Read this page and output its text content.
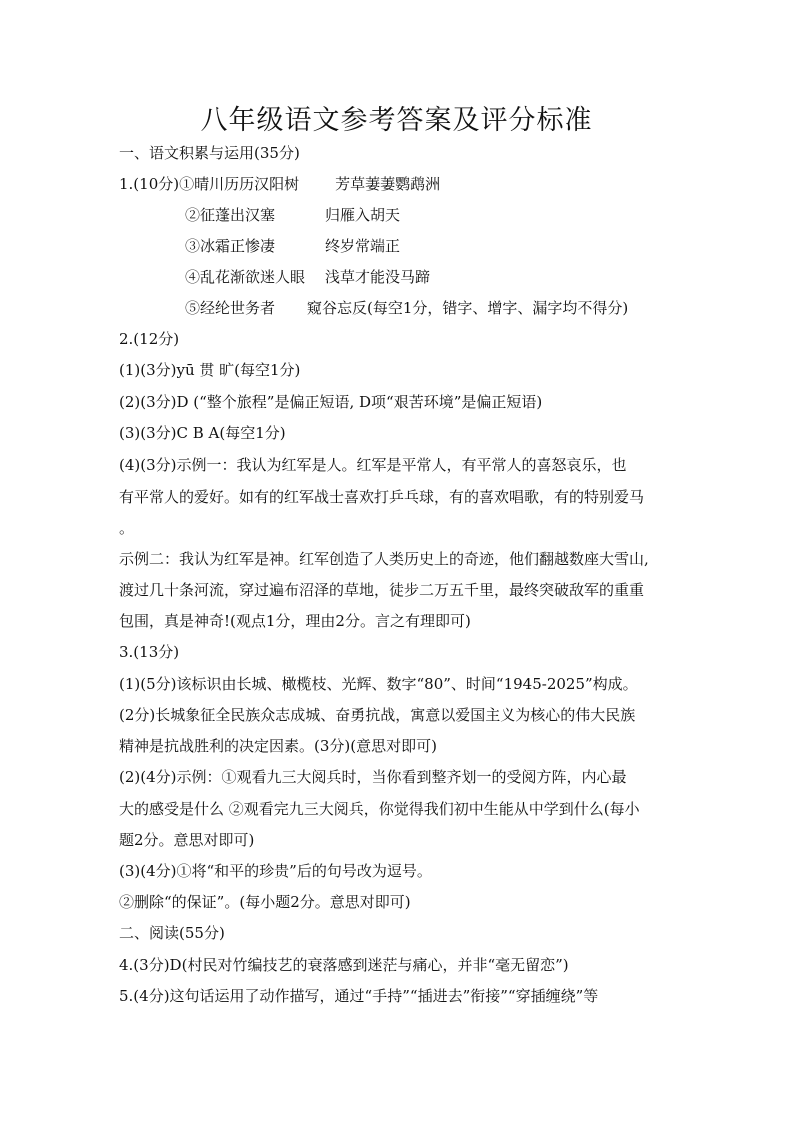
八年级语文参考答案及评分标准
一、语文积累与运用(35分)
1.(10分)①晴川历历汉阳树 芳草萋萋鹦鹉洲
②征蓬出汉塞	归雁入胡天
③冰霜正惨凄	终岁常端正
④乱花渐欲迷人眼 浅草才能没马蹄
⑤经纶世务者 窥谷忘反(每空1分，错字、增字、漏字均不得分)
2.(12分)
(1)(3分)yū 贯 旷(每空1分)
(2)(3分)D (“整个旅程”是偏正短语, D项“艰苦环境”是偏正短语)
(3)(3分)C B A(每空1分)
(4)(3分)示例一：我认为红军是人。红军是平常人，有平常人的喜怒哀乐，也
有平常人的爱好。如有的红军战士喜欢打乒乓球，有的喜欢唱歌，有的特别爱马
。
示例二：我认为红军是神。红军创造了人类历史上的奇迹，他们翻越数座大雪山,
渡过几十条河流，穿过遍布沼泽的草地，徒步二万五千里，最终突破敌军的重重
包围，真是神奇!(观点1分，理由2分。言之有理即可)
3.(13分)
(1)(5分)该标识由长城、橄榄枝、光辉、数字“80”、时间“1945-2025”构成。
(2分)长城象征全民族众志成城、奋勇抗战，寓意以爱国主义为核心的伟大民族
精神是抗战胜利的决定因素。(3分)(意思对即可)
(2)(4分)示例：①观看九三大阅兵时，当你看到整齐划一的受阅方阵，内心最
大的感受是什么 ②观看完九三大阅兵，你觉得我们初中生能从中学到什么(每小
题2分。意思对即可)
(3)(4分)①将“和平的珍贵”后的句号改为逗号。
②删除“的保证”。(每小题2分。意思对即可)
二、阅读(55分)
4.(3分)D(村民对竹编技艺的衰落感到迷茫与痛心，并非“毫无留恋”)
5.(4分)这句话运用了动作描写，通过“手持”“插进去”衔接”“穿插缠绕”等
